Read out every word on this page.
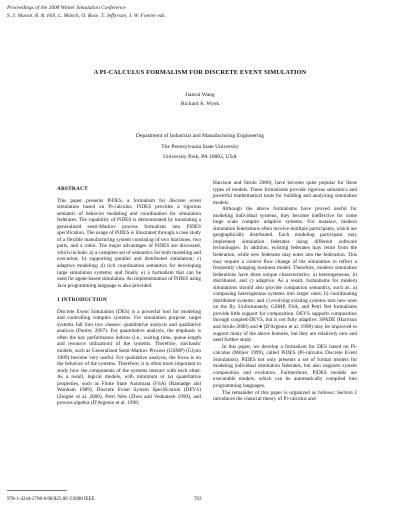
Proceedings of the 2008 Winter Simulation Conference
S. J. Mason, R. R. Hill, L. Mönch, O. Rose, T. Jefferson, J. W. Fowler eds.
A PI-CALCULUS FORMALISM FOR DISCRETE EVENT SIMULATION
Jianrui Wang
Richard A. Wysk
Department of Industrial and Manufacturing Engineering
The Pennsylvania State University
University Park, PA 16802, USA
ABSTRACT

This paper presents PiDES, a formalism for discrete event simulation based on Pi-calculus. PiDES provides a rigorous semantic of behavior modeling and coordination for simulation federates. The capability of PiDES is demonstrated by translating a generalized semi-Markov process formalism into PiDES specification. The usage of PiDES is illustrated through a case study of a flexible manufacturing system consisting of two machines, two parts, and a robot. The major advantages of PiDES are discussed, which include: a) a complete set of semantics for both modeling and execution; b) supporting parallel and distributed simulation; c) adaptive modeling; d) rich coordination semantics for developing large simulation systems; and finally e) a formalism that can be used for agent-based simulation. An implementation of PiDES using Java programming language is also provided.

1 INTRODUCTION

Discrete Event Simulation (DES) is a powerful tool for modeling and controlling complex systems. For simulation purpose, target systems fall into two classes: quantitative analysis and qualitative analysis (Pooley 2007). For quantitative analysis, the emphasis is often the key performance indices (i.e., waiting time, queue length and resource utilization) of the systems. Therefore, stochastic models, such as Generalized Semi-Markov Process (GSMP) (Glynn 1989) become very useful. For qualitative analysis, the focus is on the behavior of the systems. Therefore, it is often more important to study how the components of the systems interact with each other. As a result, logical models, with minimum or no quantitative properties, such as Finite State Automata (FSA) (Ramadge and Wonham 1989), Discrete Event System Specification (DEVS) (Zeigler et al. 2000), Petri Nets (Zhou and Venkatesh 1999), and process algebra (D'Argenio et al. 1998;

Harrison and Strulo 2000), have become quite popular for these types of models. These formalisms provide rigorous semantics and powerful mathematical tools for building and analyzing simulation models.

Although the above formalisms have proved useful for modeling individual systems, they become ineffective for some large scale complex adaptive systems. For instance, modern simulation federations often involve multiple participants, which are geographically distributed. Each modeling participant may implement simulation federates using different software technologies. In addition, existing federates may retire from the federation, while new federates may enter into the federation. This may require a control flow change of the simulation to reflect a frequently changing business model. Therefore, modern simulation federations have three unique characteristics: a) heterogeneous, b) distributed, and c) adaptive. As a result, formalisms for modern simulations should also provide companion semantics, such as: a) composing heterogenous systems into larger ones; b) coordinating distributed systems; and c) evolving existing systems into new ones on the fly. Unfortunately, GSMP, FSA, and Petri Net formalisms provide little support for composition. DEVS supports composition through coupled-DEVS, but is not fully adaptive. SPADE (Harrison and Strulo 2000) and ♠ (D'Argenio et al. 1998) may be improved to support many of the above features, but they are relatively new and need further study.

In this paper, we develop a formalism for DES based on Pi-calculus (Milner 1999), called PiDES (Pi-calculus Discrete Event Simulation). PiDES not only presents a set of formal models for modeling individual simulation federates, but also supports system composition and evolution. Furthermore, PiDES models are executable models, which can be automatically compiled into programming languages.

The remainder of this paper is organized as follows: Section 2 introduces the classical theory of Pi-calculus and

978-1-4244-2708-6/08/$25.00 ©2008 IEEE	703
